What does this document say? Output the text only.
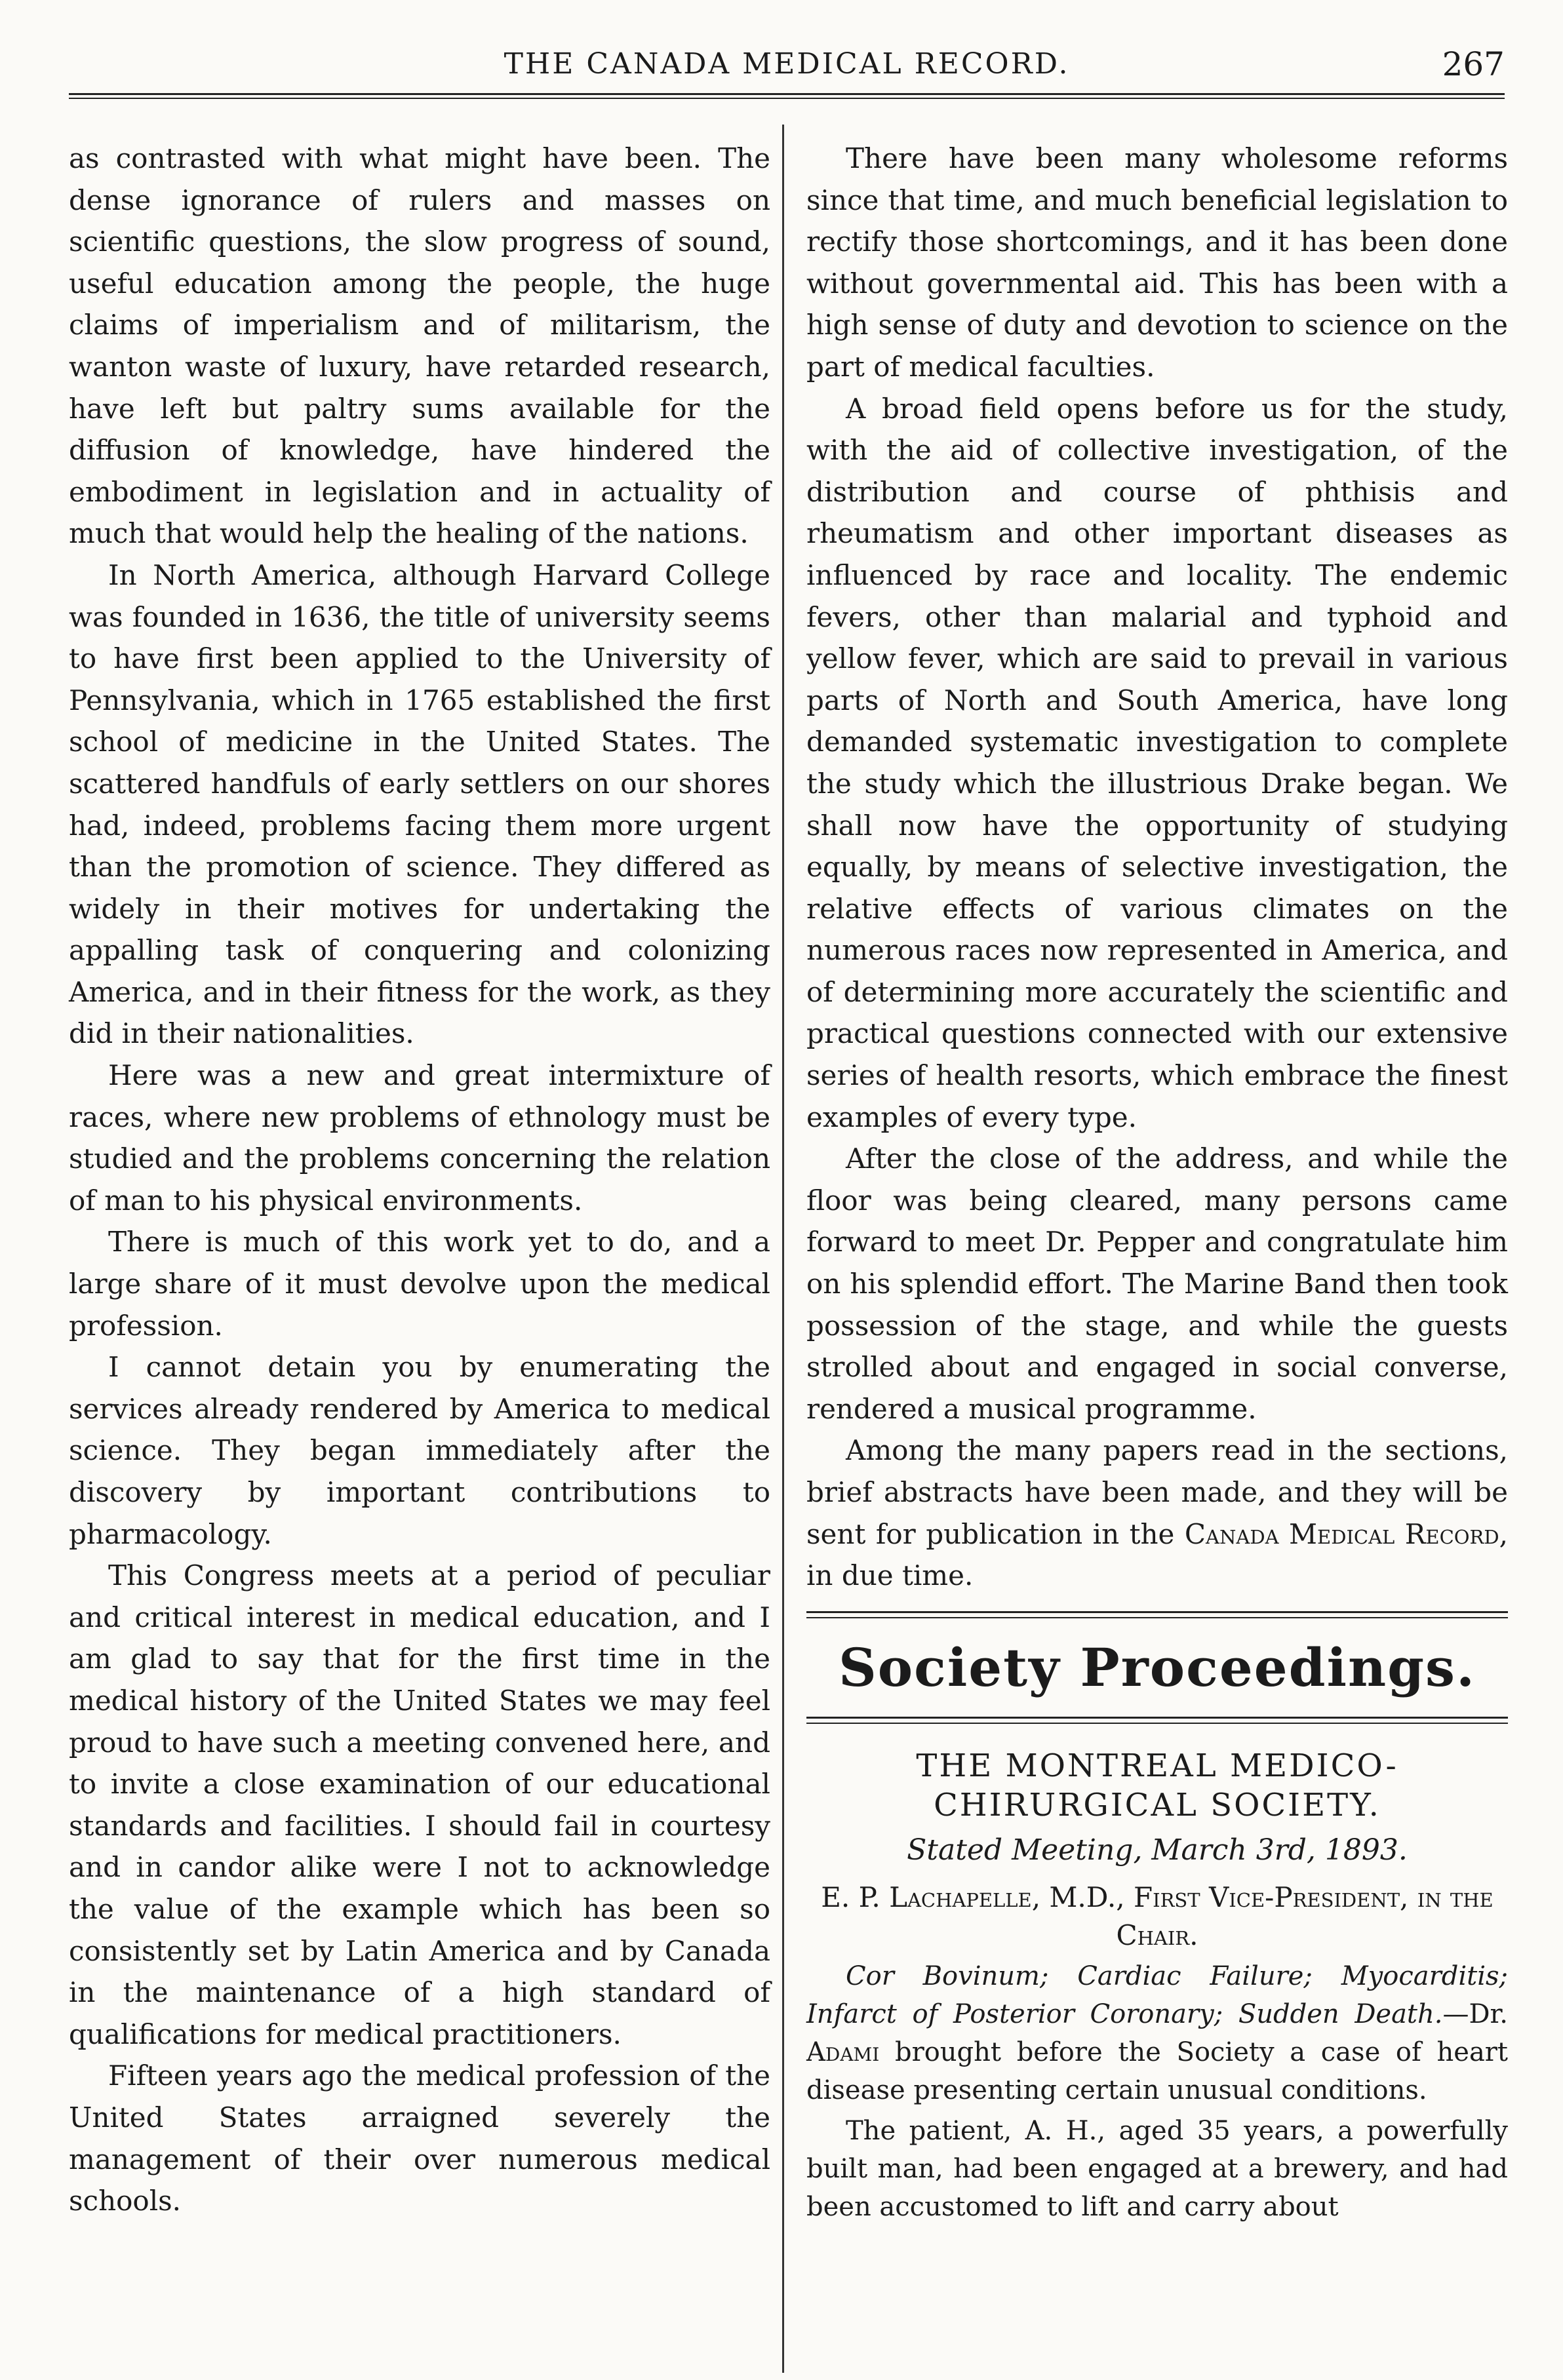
THE CANADA MEDICAL RECORD.	267

as contrasted with what might have been. The dense ignorance of rulers and masses on scientific questions, the slow progress of sound, useful education among the people, the huge claims of imperialism and of militarism, the wanton waste of luxury, have retarded research, have left but paltry sums available for the diffusion of knowledge, have hindered the embodiment in legislation and in actuality of much that would help the healing of the nations.

In North America, although Harvard College was founded in 1636, the title of university seems to have first been applied to the University of Pennsylvania, which in 1765 established the first school of medicine in the United States. The scattered handfuls of early settlers on our shores had, indeed, problems facing them more urgent than the promotion of science. They differed as widely in their motives for undertaking the appalling task of conquering and colonizing America, and in their fitness for the work, as they did in their nationalities.

Here was a new and great intermixture of races, where new problems of ethnology must be studied and the problems concerning the relation of man to his physical environments.

There is much of this work yet to do, and a large share of it must devolve upon the medical profession.

I cannot detain you by enumerating the services already rendered by America to medical science. They began immediately after the discovery by important contributions to pharmacology.

This Congress meets at a period of peculiar and critical interest in medical education, and I am glad to say that for the first time in the medical history of the United States we may feel proud to have such a meeting convened here, and to invite a close examination of our educational standards and facilities. I should fail in courtesy and in candor alike were I not to acknowledge the value of the example which has been so consistently set by Latin America and by Canada in the maintenance of a high standard of qualifications for medical practitioners.

Fifteen years ago the medical profession of the United States arraigned severely the management of their over numerous medical schools.

There have been many wholesome reforms since that time, and much beneficial legislation to rectify those shortcomings, and it has been done without governmental aid. This has been with a high sense of duty and devotion to science on the part of medical faculties.

A broad field opens before us for the study, with the aid of collective investigation, of the distribution and course of phthisis and rheumatism and other important diseases as influenced by race and locality. The endemic fevers, other than malarial and typhoid and yellow fever, which are said to prevail in various parts of North and South America, have long demanded systematic investigation to complete the study which the illustrious Drake began. We shall now have the opportunity of studying equally, by means of selective investigation, the relative effects of various climates on the numerous races now represented in America, and of determining more accurately the scientific and practical questions connected with our extensive series of health resorts, which embrace the finest examples of every type.

After the close of the address, and while the floor was being cleared, many persons came forward to meet Dr. Pepper and congratulate him on his splendid effort. The Marine Band then took possession of the stage, and while the guests strolled about and engaged in social converse, rendered a musical programme.

Among the many papers read in the sections, brief abstracts have been made, and they will be sent for publication in the Canada Medical Record, in due time.

Society Proceedings.
THE MONTREAL MEDICO-CHIRURGICAL SOCIETY.
Stated Meeting, March 3rd, 1893.
E. P. Lachapelle, M.D., First Vice-President, in the Chair.

Cor Bovinum; Cardiac Failure; Myocarditis; Infarct of Posterior Coronary; Sudden Death.—Dr. Adami brought before the Society a case of heart disease presenting certain unusual conditions.

The patient, A. H., aged 35 years, a powerfully built man, had been engaged at a brewery, and had been accustomed to lift and carry about
